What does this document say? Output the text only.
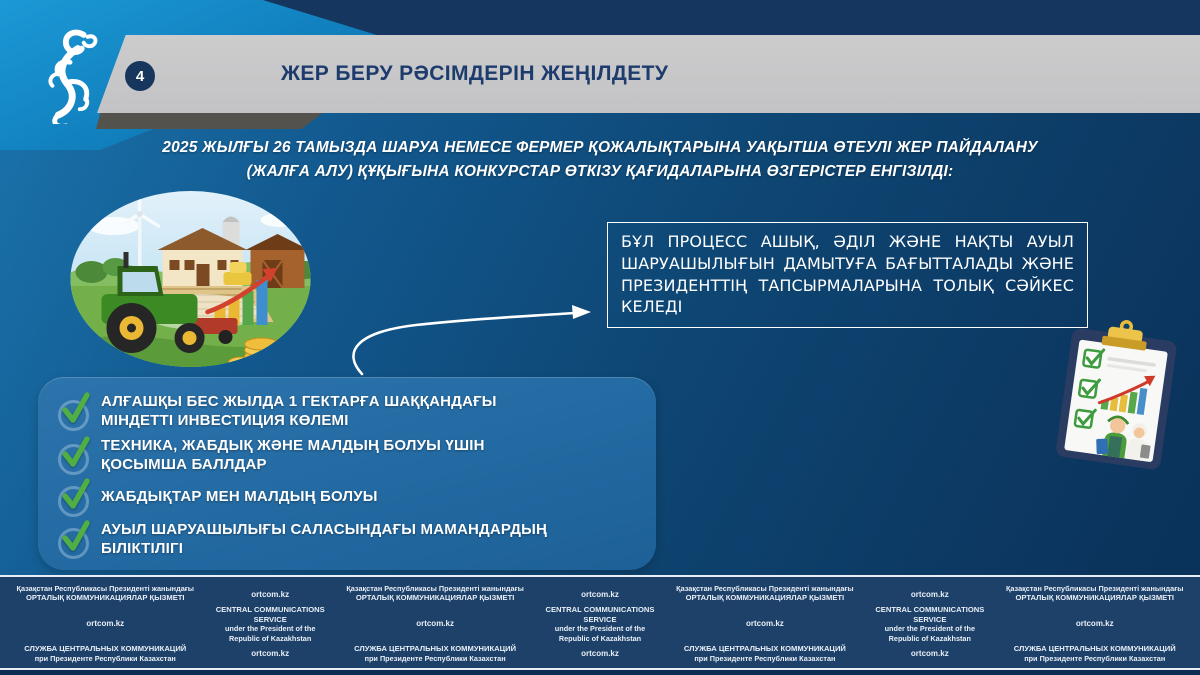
4	ЖЕР БЕРУ РӘСІМДЕРІН ЖЕҢІЛДЕТУ
2025 ЖЫЛҒЫ 26 ТАМЫЗДА ШАРУА НЕМЕСЕ ФЕРМЕР ҚОЖАЛЫҚТАРЫНА УАҚЫТША ӨТЕУЛІ ЖЕР ПАЙДАЛАНУ
(ЖАЛҒА АЛУ) ҚҰҚЫҒЫНА КОНКУРСТАР ӨТКІЗУ ҚАҒИДАЛАРЫНА ӨЗГЕРІСТЕР ЕНГІЗІЛДІ:
БҰЛ ПРОЦЕСС АШЫҚ, ӘДІЛ ЖӘНЕ НАҚТЫ АУЫЛ ШАРУАШЫЛЫҒЫН ДАМЫТУҒА БАҒЫТТАЛАДЫ ЖӘНЕ ПРЕЗИДЕНТТІҢ ТАПСЫРМАЛАРЫНА ТОЛЫҚ СӘЙКЕС КЕЛЕДІ
АЛҒАШҚЫ БЕС ЖЫЛДА 1 ГЕКТАРҒА ШАҚҚАНДАҒЫ МІНДЕТТІ ИНВЕСТИЦИЯ КӨЛЕМІ
ТЕХНИКА, ЖАБДЫҚ ЖӘНЕ МАЛДЫҢ БОЛУЫ ҮШІН ҚОСЫМША БАЛЛДАР
ЖАБДЫҚТАР МЕН МАЛДЫҢ БОЛУЫ
АУЫЛ ШАРУАШЫЛЫҒЫ САЛАСЫНДАҒЫ МАМАНДАРДЫҢ БІЛІКТІЛІГІ
Қазақстан Республикасы Президенті жанындағы
ОРТАЛЫҚ КОММУНИКАЦИЯЛАР ҚЫЗМЕТІ
ortcom.kz
СЛУЖБА ЦЕНТРАЛЬНЫХ КОММУНИКАЦИЙ
при Президенте Республики Казахстан
ortcom.kz
CENTRAL COMMUNICATIONS SERVICE
under the President of the
Republic of Kazakhstan
ortcom.kz
Қазақстан Республикасы Президенті жанындағы
ОРТАЛЫҚ КОММУНИКАЦИЯЛАР ҚЫЗМЕТІ
ortcom.kz
СЛУЖБА ЦЕНТРАЛЬНЫХ КОММУНИКАЦИЙ
при Президенте Республики Казахстан
ortcom.kz
CENTRAL COMMUNICATIONS SERVICE
under the President of the
Republic of Kazakhstan
ortcom.kz
Қазақстан Республикасы Президенті жанындағы
ОРТАЛЫҚ КОММУНИКАЦИЯЛАР ҚЫЗМЕТІ
ortcom.kz
СЛУЖБА ЦЕНТРАЛЬНЫХ КОММУНИКАЦИЙ
при Президенте Республики Казахстан
ortcom.kz
CENTRAL COMMUNICATIONS SERVICE
under the President of the
Republic of Kazakhstan
ortcom.kz
Қазақстан Республикасы Президенті жанындағы
ОРТАЛЫҚ КОММУНИКАЦИЯЛАР ҚЫЗМЕТІ
ortcom.kz
СЛУЖБА ЦЕНТРАЛЬНЫХ КОММУНИКАЦИЙ
при Президенте Республики Казахстан
